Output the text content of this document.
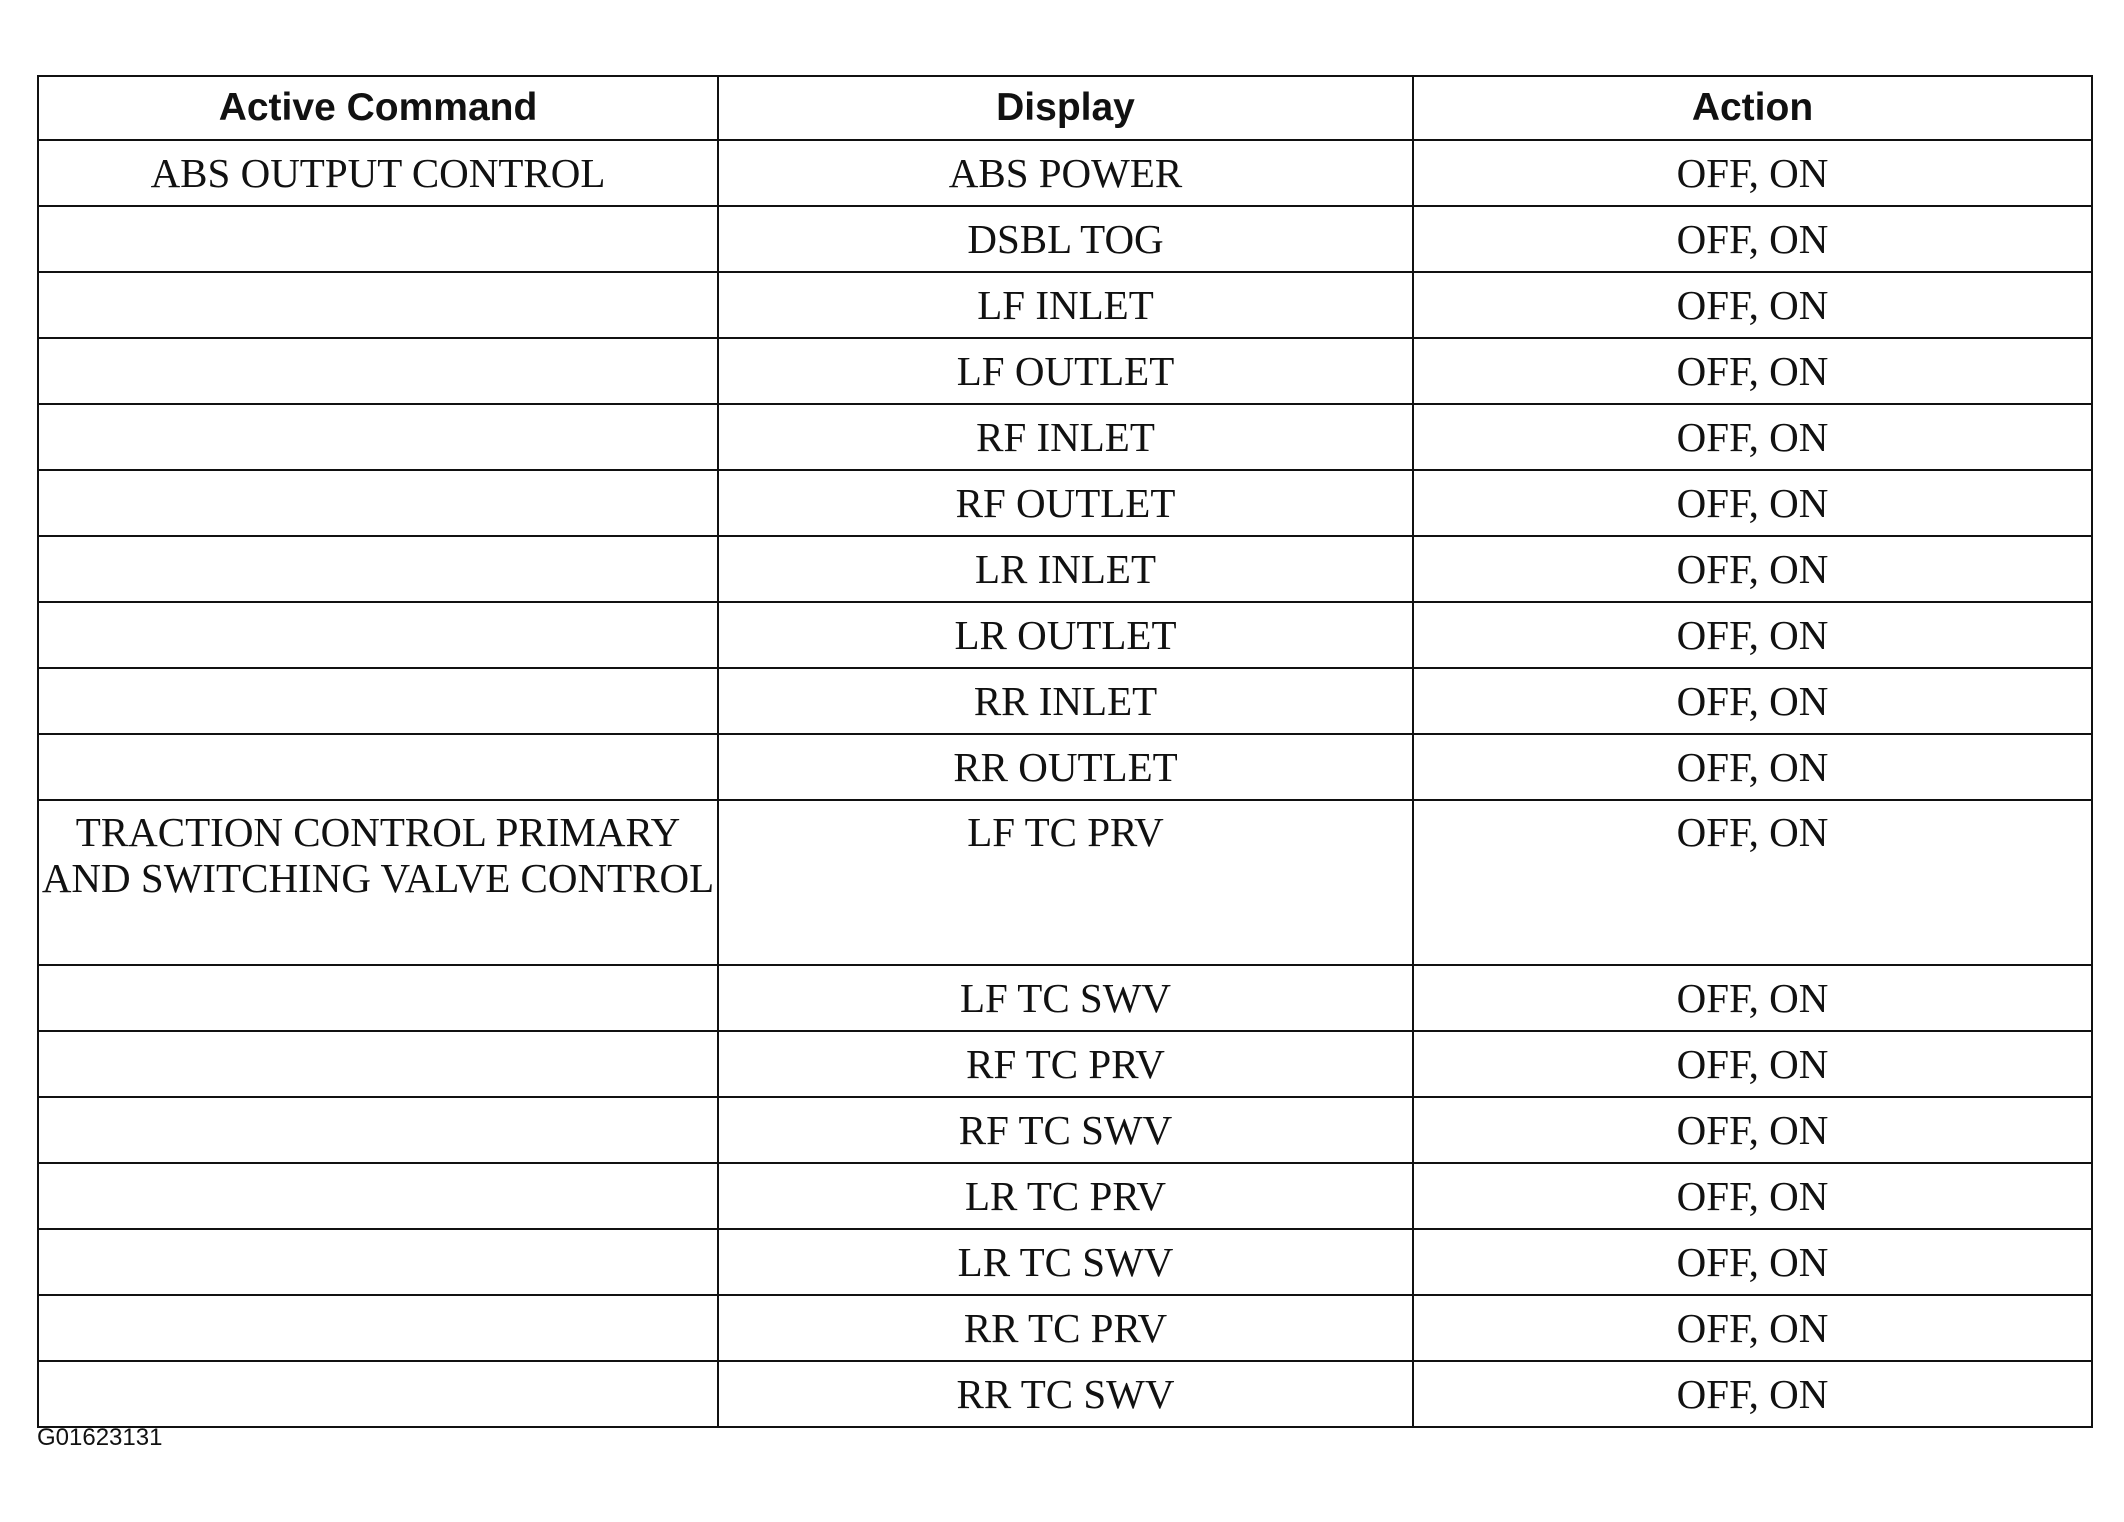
Active Command	Display	Action
ABS OUTPUT CONTROL	ABS POWER	OFF, ON
	DSBL TOG	OFF, ON
	LF INLET	OFF, ON
	LF OUTLET	OFF, ON
	RF INLET	OFF, ON
	RF OUTLET	OFF, ON
	LR INLET	OFF, ON
	LR OUTLET	OFF, ON
	RR INLET	OFF, ON
	RR OUTLET	OFF, ON
TRACTION CONTROL PRIMARY AND SWITCHING VALVE CONTROL	LF TC PRV	OFF, ON
	LF TC SWV	OFF, ON
	RF TC PRV	OFF, ON
	RF TC SWV	OFF, ON
	LR TC PRV	OFF, ON
	LR TC SWV	OFF, ON
	RR TC PRV	OFF, ON
	RR TC SWV	OFF, ON
G01623131
